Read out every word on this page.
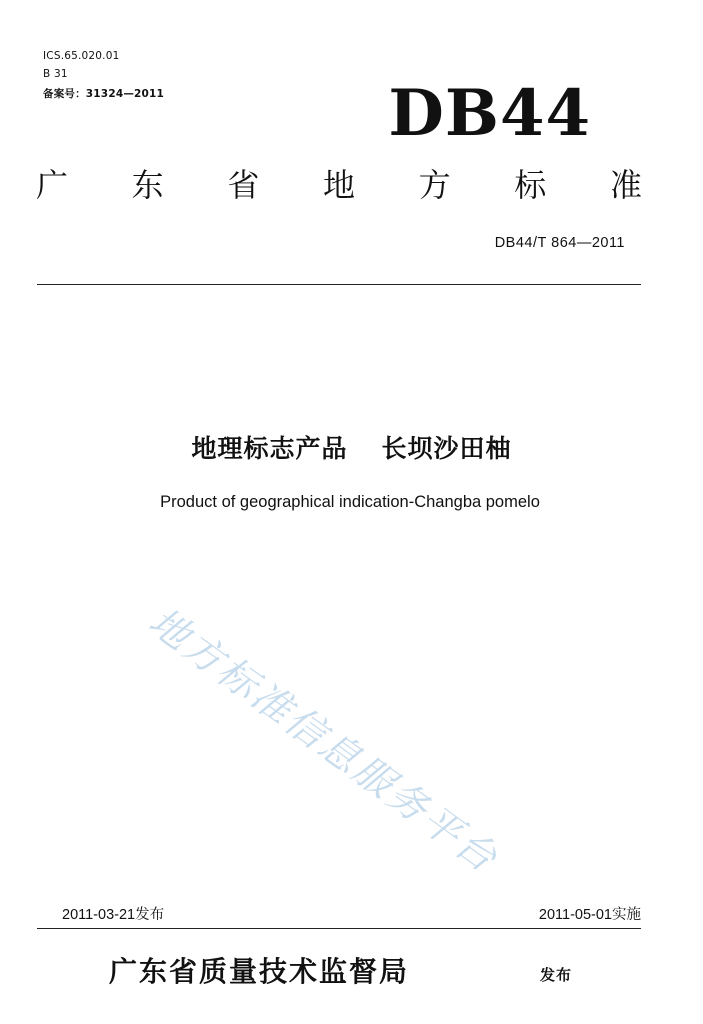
ICS.65.020.01
B 31
备案号：31324—2011	DB44
广 东 省 地 方 标 准
DB44/T 864—2011
地理标志产品 长坝沙田柚
Product of geographical indication-Changba pomelo
地方标准信息服务平台
2011-03-21发布	2011-05-01实施
广东省质量技术监督局	发布
